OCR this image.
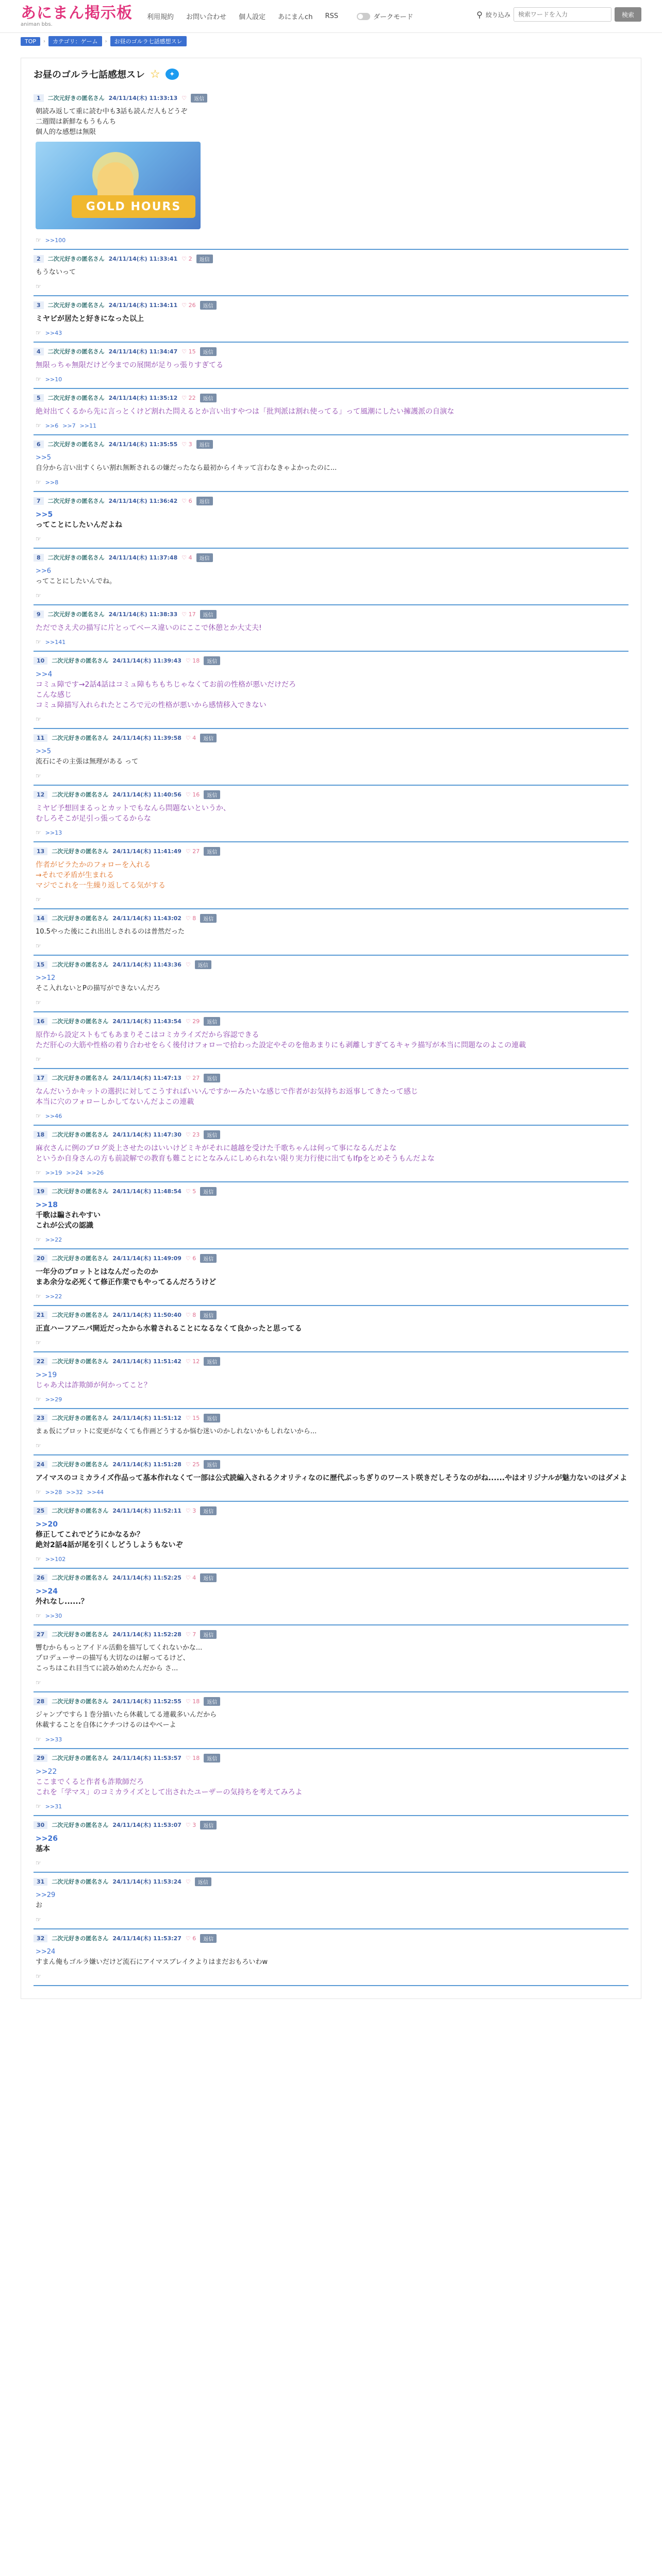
あにまん掲示板
animan bbs.
利用規約 お問い合わせ 個人設定 あにまんch RSS	ダークモード	⚲ 絞り込み
検索ワードを入力	検索
TOP	›	カテゴリ：ゲーム	›	お昼のゴルラ七話感想スレ
お昼のゴルラ七話感想スレ ☆	✦
1	二次元好きの匿名さん 24/11/14(木) 11:33:13 ♡	返信
朝読み返して重に読む中も3話も読んだ人もどうぞ
二週間は新鮮なもうもんち
個人的な感想は無限
GOLD HOURS
☞ >>100
2	二次元好きの匿名さん 24/11/14(木) 11:33:41 ♡ 2	返信
もうないって
☞
3	二次元好きの匿名さん 24/11/14(木) 11:34:11 ♡ 26	返信
ミヤビが居たと好きになった以上
☞ >>43
4	二次元好きの匿名さん 24/11/14(木) 11:34:47 ♡ 15	返信
無限っちゃ無限だけど今までの展開が足りっ張りすぎてる
☞ >>10
5	二次元好きの匿名さん 24/11/14(木) 11:35:12 ♡ 22	返信
絶対出てくるから先に言っとくけど割れた問えるとか言い出すやつは「批判派は割れ使ってる」って風潮にしたい擁護派の自演な
☞ >>6 >>7 >>11
6	二次元好きの匿名さん 24/11/14(木) 11:35:55 ♡ 3	返信
>>5
自分から言い出すくらい割れ無断されるの嫌だったなら最初からイキッて言わなきゃよかったのに...
☞ >>8
7	二次元好きの匿名さん 24/11/14(木) 11:36:42 ♡ 6	返信
>>5
ってことにしたいんだよね
☞
8	二次元好きの匿名さん 24/11/14(木) 11:37:48 ♡ 4	返信
>>6
ってことにしたいんでね。
☞
9	二次元好きの匿名さん 24/11/14(木) 11:38:33 ♡ 17	返信
ただでさえ犬の描写に片とってベース違いのにここで休憩とか大丈夫!
☞ >>141
10	二次元好きの匿名さん 24/11/14(木) 11:39:43 ♡ 18	返信
>>4
コミュ障です→2話4話はコミュ障もちもちじゃなくてお前の性格が悪いだけだろ
こんな感じ
コミュ障描写入れられたところで元の性格が悪いから感情移入できない
☞
11	二次元好きの匿名さん 24/11/14(木) 11:39:58 ♡ 4	返信
>>5
流石にその主張は無理がある って
☞
12	二次元好きの匿名さん 24/11/14(木) 11:40:56 ♡ 16	返信
ミヤビ予想回まるっとカットでもなんら問題ないというか、
むしろそこが足引っ張ってるからな
☞ >>13
13	二次元好きの匿名さん 24/11/14(木) 11:41:49 ♡ 27	返信
作者がピラたかのフォローを入れる
→それで矛盾が生まれる
マジでこれを一生繰り返してる気がする
☞
14	二次元好きの匿名さん 24/11/14(木) 11:43:02 ♡ 8	返信
10.5やった後にこれ出出しされるのは普然だった
☞
15	二次元好きの匿名さん 24/11/14(木) 11:43:36 ♡	返信
>>12
そこ入れないとPの描写ができないんだろ
☞
16	二次元好きの匿名さん 24/11/14(木) 11:43:54 ♡ 29	返信
原作から設定ストもてもあまりそこはコミカライズだから容認できる
ただ肝心の大筋や性格の着り合わせをらく後付けフォローで拾わった設定やそのを他あまりにも剥離しすぎてるキャラ描写が本当に問題なのよこの連載
☞
17	二次元好きの匿名さん 24/11/14(木) 11:47:13 ♡ 27	返信
なんだいうかキットの選択に対してこうすればいいんですかーみたいな感じで作者がお気持ちお返事してきたって感じ
本当に穴のフォローしかしてないんだよこの連載
☞ >>46
18	二次元好きの匿名さん 24/11/14(木) 11:47:30 ♡ 23	返信
麻衣さんに例のブログ炎上させたのはいいけどミキがそれに越越を受けた千歌ちゃんは何って事になるんだよな
というか自身さんの方も前読解での教育も難ことにとなみんにしめられない限り実力行使に出てもIfpをとめそうもんだよな
☞ >>19 >>24 >>26
19	二次元好きの匿名さん 24/11/14(木) 11:48:54 ♡ 5	返信
>>18
千歌は騙されやすい
これが公式の認識
☞ >>22
20	二次元好きの匿名さん 24/11/14(木) 11:49:09 ♡ 6	返信
一年分のプロットとはなんだったのか
まあ余分な必死くて修正作業でもやってるんだろうけど
☞ >>22
21	二次元好きの匿名さん 24/11/14(木) 11:50:40 ♡ 8	返信
正直ハーフアニバ開近だったから水着されることになるなくて良かったと思ってる
☞
22	二次元好きの匿名さん 24/11/14(木) 11:51:42 ♡ 12	返信
>>19
じゃあ犬は詐欺師が何かってこと？
☞ >>29
23	二次元好きの匿名さん 24/11/14(木) 11:51:12 ♡ 15	返信
まぁ仮にプロットに変更がなくても作画どうするか悩む迷いのかしれないかもしれないから...
☞
24	二次元好きの匿名さん 24/11/14(木) 11:51:28 ♡ 25	返信
アイマスのコミカライズ作品って基本作れなくて一部は公式読編入されるクオリティなのに歴代ぶっちぎりのワースト咲きだしそうなのがね......やはオリジナルが魅力ないのはダメよ
☞ >>28 >>32 >>44
25	二次元好きの匿名さん 24/11/14(木) 11:52:11 ♡ 3	返信
>>20
修正してこれでどうにかなるか？
絶対2話4話が尾を引くしどうしようもないぞ
☞ >>102
26	二次元好きの匿名さん 24/11/14(木) 11:52:25 ♡ 4	返信
>>24
外れなし......？
☞ >>30
27	二次元好きの匿名さん 24/11/14(木) 11:52:28 ♡ 7	返信
響むからもっとアイドル活動を描写してくれないかな...
プロデューサーの描写も大切なのは解ってるけど、
こっちはこれ目当てに読み始めたんだから さ...
☞
28	二次元好きの匿名さん 24/11/14(木) 11:52:55 ♡ 18	返信
ジャンプですら１巻分描いたら休載してる連載多いんだから
休載することを自体にケチつけるのはやべーよ
☞ >>33
29	二次元好きの匿名さん 24/11/14(木) 11:53:57 ♡ 18	返信
>>22
ここまでくると作者も詐欺師だろ
これを「学マス」のコミカライズとして出されたユーザーの気持ちを考えてみろよ
☞ >>31
30	二次元好きの匿名さん 24/11/14(木) 11:53:07 ♡ 3	返信
>>26
基本
☞
31	二次元好きの匿名さん 24/11/14(木) 11:53:24 ♡	返信
>>29
お
☞
32	二次元好きの匿名さん 24/11/14(木) 11:53:27 ♡ 6	返信
>>24
すまん俺もゴルラ嫌いだけど流石にアイマスブレイクよりはまだおもろいわw
☞
